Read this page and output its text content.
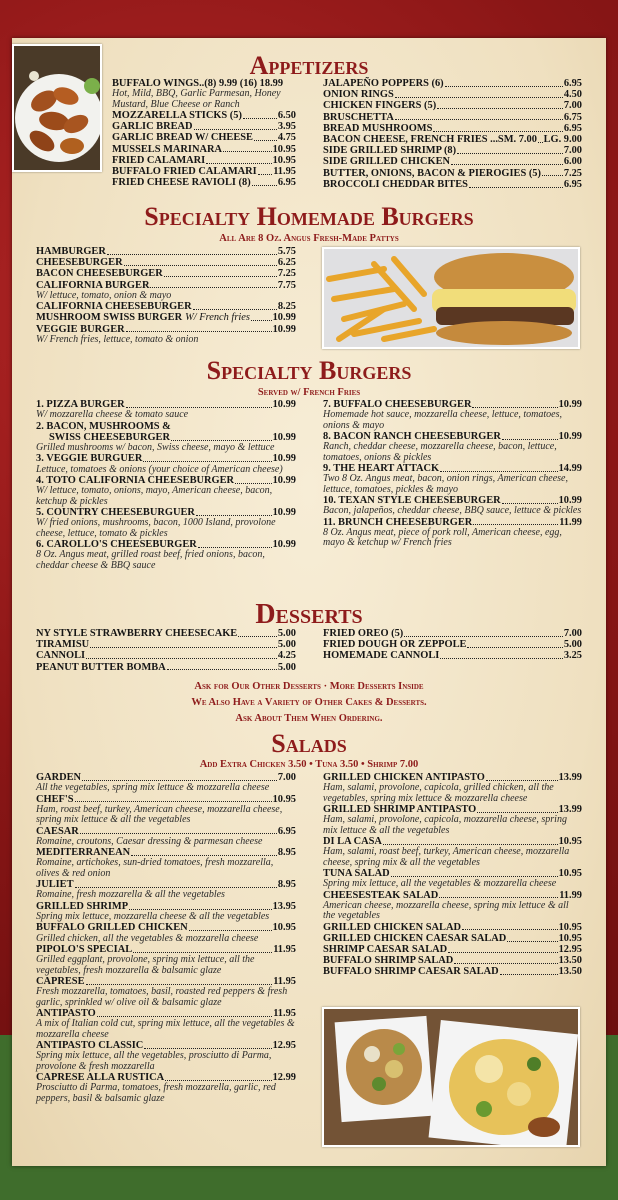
Appetizers
BUFFALO WINGS..(8) 9.99 (16) 18.99
Hot, Mild, BBQ, Garlic Parmesan, Honey Mustard, Blue Cheese or Ranch
MOZZARELLA STICKS (5)	6.50
GARLIC BREAD	3.95
GARLIC BREAD W/ CHEESE 4.75
MUSSELS MARINARA	10.95
FRIED CALAMARI	10.95
BUFFALO FRIED CALAMARI 11.95
FRIED CHEESE RAVIOLI (8)	6.95
JALAPEÑO POPPERS (6)	6.95
ONION RINGS	4.50
CHICKEN FINGERS (5)	7.00
BRUSCHETTA	6.75
BREAD MUSHROOMS	6.95
BACON CHEESE, FRENCH FRIES ...SM. 7.00 LG. 9.00
SIDE GRILLED SHRIMP (8)	7.00
SIDE GRILLED CHICKEN	6.00
BUTTER, ONIONS, BACON & PIEROGIES (5) 7.25
BROCCOLI CHEDDAR BITES	6.95
Specialty Homemade Burgers
All Are 8 Oz. Angus Fresh-Made Pattys
HAMBURGER	5.75
CHEESEBURGER	6.25
BACON CHEESEBURGER	7.25
CALIFORNIA BURGER	7.75
W/ lettuce, tomato, onion & mayo
CALIFORNIA CHEESEBURGER	8.25
MUSHROOM SWISS BURGER W/ French fries 10.99
VEGGIE BURGER	10.99
W/ French fries, lettuce, tomato & onion
Specialty Burgers
Served w/ French Fries
1. PIZZA BURGER	10.99
W/ mozzarella cheese & tomato sauce
2. BACON, MUSHROOMS &
SWISS CHEESEBURGER	10.99
Grilled mushrooms w/ bacon, Swiss cheese, mayo & lettuce
3. VEGGIE BURGUER	10.99
Lettuce, tomatoes & onions (your choice of American cheese)
4. TOTO CALIFORNIA CHEESEBURGER	10.99
W/ lettuce, tomato, onions, mayo, American cheese, bacon, ketchup & pickles
5. COUNTRY CHEESEBURGUER	10.99
W/ fried onions, mushrooms, bacon, 1000 Island, provolone cheese, lettuce, tomato & pickles
6. CAROLLO'S CHEESEBURGER	10.99
8 Oz. Angus meat, grilled roast beef, fried onions, bacon, cheddar cheese & BBQ sauce
7. BUFFALO CHEESEBURGER	10.99
Homemade hot sauce, mozzarella cheese, lettuce, tomatoes, onions & mayo
8. BACON RANCH CHEESEBURGER	10.99
Ranch, cheddar cheese, mozzarella cheese, bacon, lettuce, tomatoes, onions & pickles
9. THE HEART ATTACK	14.99
Two 8 Oz. Angus meat, bacon, onion rings, American cheese, lettuce, tomatoes, pickles & mayo
10. TEXAN STYLE CHEESEBURGER	10.99
Bacon, jalapeños, cheddar cheese, BBQ sauce, lettuce & pickles
11. BRUNCH CHEESEBURGER	11.99
8 Oz. Angus meat, piece of pork roll, American cheese, egg, mayo & ketchup w/ French fries
Desserts
NY STYLE STRAWBERRY CHEESECAKE	5.00
TIRAMISU	5.00
CANNOLI	4.25
PEANUT BUTTER BOMBA	5.00
FRIED OREO (5)	7.00
FRIED DOUGH OR ZEPPOLE	5.00
HOMEMADE CANNOLI	3.25
Ask for Our Other Desserts · More Desserts Inside
We Also Have a Variety of Other Cakes & Desserts.
Ask About Them When Ordering.
Salads
Add Extra Chicken 3.50 • Tuna 3.50 • Shrimp 7.00
GARDEN	7.00
All the vegetables, spring mix lettuce & mozzarella cheese
CHEF'S	10.95
Ham, roast beef, turkey, American cheese, mozzarella cheese, spring mix lettuce & all the vegetables
CAESAR	6.95
Romaine, croutons, Caesar dressing & parmesan cheese
MEDITERRANEAN	8.95
Romaine, artichokes, sun-dried tomatoes, fresh mozzarella, olives & red onion
JULIET	8.95
Romaine, fresh mozzarella & all the vegetables
GRILLED SHRIMP	13.95
Spring mix lettuce, mozzarella cheese & all the vegetables
BUFFALO GRILLED CHICKEN	10.95
Grilled chicken, all the vegetables & mozzarella cheese
PIPOLO'S SPECIAL	11.95
Grilled eggplant, provolone, spring mix lettuce, all the vegetables, fresh mozzarella & balsamic glaze
CAPRESE	11.95
Fresh mozzarella, tomatoes, basil, roasted red peppers & fresh garlic, sprinkled w/ olive oil & balsamic glaze
ANTIPASTO	11.95
A mix of Italian cold cut, spring mix lettuce, all the vegetables & mozzarella cheese
ANTIPASTO CLASSIC	12.95
Spring mix lettuce, all the vegetables, prosciutto di Parma, provolone & fresh mozzarella
CAPRESE ALLA RUSTICA	12.99
Prosciutto di Parma, tomatoes, fresh mozzarella, garlic, red peppers, basil & balsamic glaze
GRILLED CHICKEN ANTIPASTO	13.99
Ham, salami, provolone, capicola, grilled chicken, all the vegetables, spring mix lettuce & mozzarella cheese
GRILLED SHRIMP ANTIPASTO	13.99
Ham, salami, provolone, capicola, mozzarella cheese, spring mix lettuce & all the vegetables
DI LA CASA	10.95
Ham, salami, roast beef, turkey, American cheese, mozzarella cheese, spring mix & all the vegetables
TUNA SALAD	10.95
Spring mix lettuce, all the vegetables & mozzarella cheese
CHEESESTEAK SALAD	11.99
American cheese, mozzarella cheese, spring mix lettuce & all the vegetables
GRILLED CHICKEN SALAD	10.95
GRILLED CHICKEN CAESAR SALAD	10.95
SHRIMP CAESAR SALAD	12.95
BUFFALO SHRIMP SALAD	13.50
BUFFALO SHRIMP CAESAR SALAD	13.50
